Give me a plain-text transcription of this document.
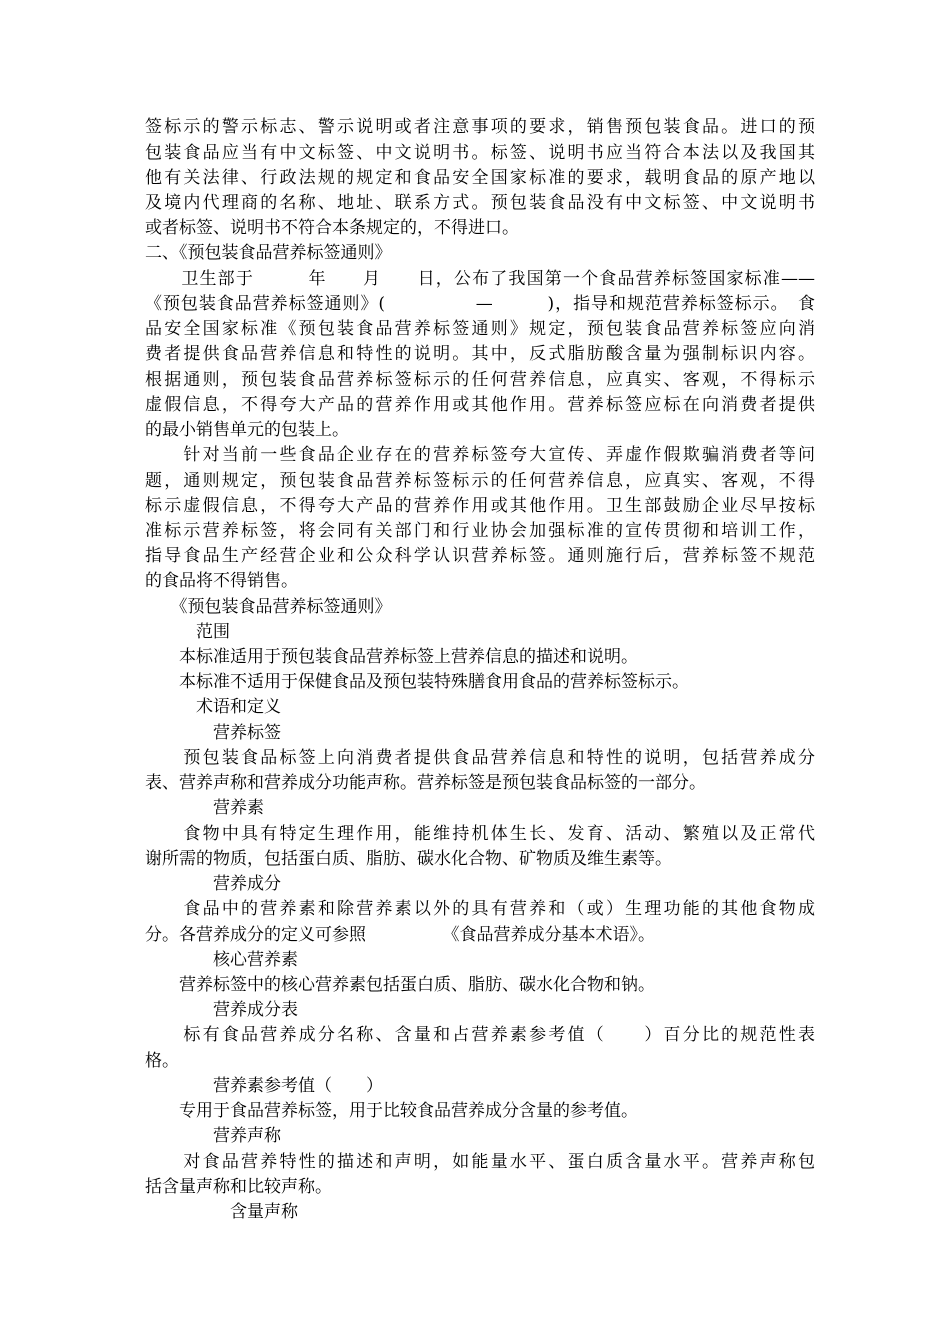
签标示的警示标志、警示说明或者注意事项的要求，销售预包装食品。进口的预
包装食品应当有中文标签、中文说明书。标签、说明书应当符合本法以及我国其
他有关法律、行政法规的规定和食品安全国家标准的要求，载明食品的原产地以
及境内代理商的名称、地址、联系方式。预包装食品没有中文标签、中文说明书
或者标签、说明书不符合本条规定的，不得进口。
二、《预包装食品营养标签通则》
　　卫生部于　　　年　　月　　日，公布了我国第一个食品营养标签国家标准——
《预包装食品营养标签通则》(　　　　　—　　　)，指导和规范营养标签标示。　食
品安全国家标准《预包装食品营养标签通则》规定，预包装食品营养标签应向消
费者提供食品营养信息和特性的说明。其中，反式脂肪酸含量为强制标识内容。
根据通则，预包装食品营养标签标示的任何营养信息，应真实、客观，不得标示
虚假信息，不得夸大产品的营养作用或其他作用。营养标签应标在向消费者提供
的最小销售单元的包装上。
　　针对当前一些食品企业存在的营养标签夸大宣传、弄虚作假欺骗消费者等问
题，通则规定，预包装食品营养标签标示的任何营养信息，应真实、客观，不得
标示虚假信息，不得夸大产品的营养作用或其他作用。卫生部鼓励企业尽早按标
准标示营养标签，将会同有关部门和行业协会加强标准的宣传贯彻和培训工作，
指导食品生产经营企业和公众科学认识营养标签。通则施行后，营养标签不规范
的食品将不得销售。
　　《预包装食品营养标签通则》
　　　范围
　　本标准适用于预包装食品营养标签上营养信息的描述和说明。
　　本标准不适用于保健食品及预包装特殊膳食用食品的营养标签标示。
　　　术语和定义
　　　　营养标签
　　预包装食品标签上向消费者提供食品营养信息和特性的说明，包括营养成分
表、营养声称和营养成分功能声称。营养标签是预包装食品标签的一部分。
　　　　营养素
　　食物中具有特定生理作用，能维持机体生长、发育、活动、繁殖以及正常代
谢所需的物质，包括蛋白质、脂肪、碳水化合物、矿物质及维生素等。
　　　　营养成分
　　食品中的营养素和除营养素以外的具有营养和（或）生理功能的其他食物成
分。各营养成分的定义可参照　　　　　《食品营养成分基本术语》。
　　　　核心营养素
　　营养标签中的核心营养素包括蛋白质、脂肪、碳水化合物和钠。
　　　　营养成分表
　　标有食品营养成分名称、含量和占营养素参考值（　　）百分比的规范性表
格。
　　　　营养素参考值（　　）
　　专用于食品营养标签，用于比较食品营养成分含量的参考值。
　　　　营养声称
　　对食品营养特性的描述和声明，如能量水平、蛋白质含量水平。营养声称包
括含量声称和比较声称。
　　　　　含量声称
